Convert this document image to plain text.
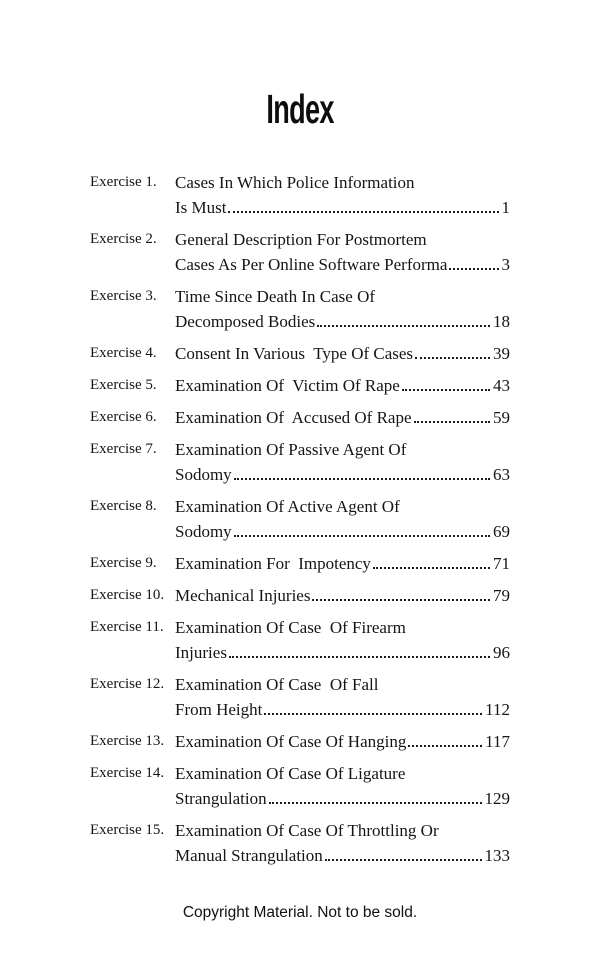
Index
Exercise 1.	Cases In Which Police Information
Is Must	1
Exercise 2.	General Description For Postmortem
Cases As Per Online Software Performa	3
Exercise 3.	Time Since Death In Case Of
Decomposed Bodies	18
Exercise 4.	Consent In Various  Type Of Cases	39
Exercise 5.	Examination Of  Victim Of Rape	43
Exercise 6.	Examination Of  Accused Of Rape	59
Exercise 7.	Examination Of Passive Agent Of
Sodomy	63
Exercise 8.	Examination Of Active Agent Of
Sodomy	69
Exercise 9.	Examination For  Impotency	71
Exercise 10. Mechanical Injuries	79
Exercise 11. Examination Of Case  Of Firearm
Injuries	96
Exercise 12. Examination Of Case  Of Fall
From Height	112
Exercise 13. Examination Of Case Of Hanging	117
Exercise 14. Examination Of Case Of Ligature
Strangulation	129
Exercise 15. Examination Of Case Of Throttling Or
Manual Strangulation	133
Copyright Material. Not to be sold.
